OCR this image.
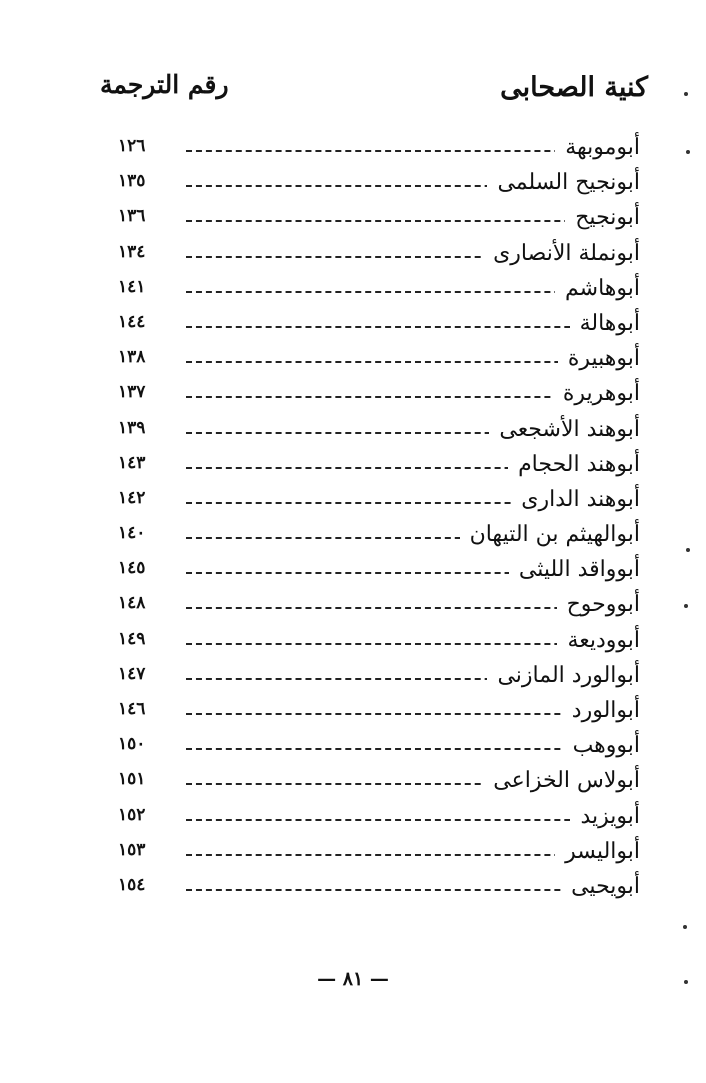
كنية الصحابى
رقم الترجمة
أبوموبهة
١٢٦
أبونجيح السلمى
١٣٥
أبونجيح
١٣٦
أبونملة الأنصارى
١٣٤
أبوهاشم
١٤١
أبوهالة
١٤٤
أبوهبيرة
١٣٨
أبوهريرة
١٣٧
أبوهند الأشجعى
١٣٩
أبوهند الحجام
١٤٣
أبوهند الدارى
١٤٢
أبوالهيثم بن التيهان
١٤٠
أبوواقد الليثى
١٤٥
أبووحوح
١٤٨
أبووديعة
١٤٩
أبوالورد المازنى
١٤٧
أبوالورد
١٤٦
أبووهب
١٥٠
أبولاس الخزاعى
١٥١
أبويزيد
١٥٢
أبواليسر
١٥٣
أبويحيى
١٥٤
— ٨١ —
